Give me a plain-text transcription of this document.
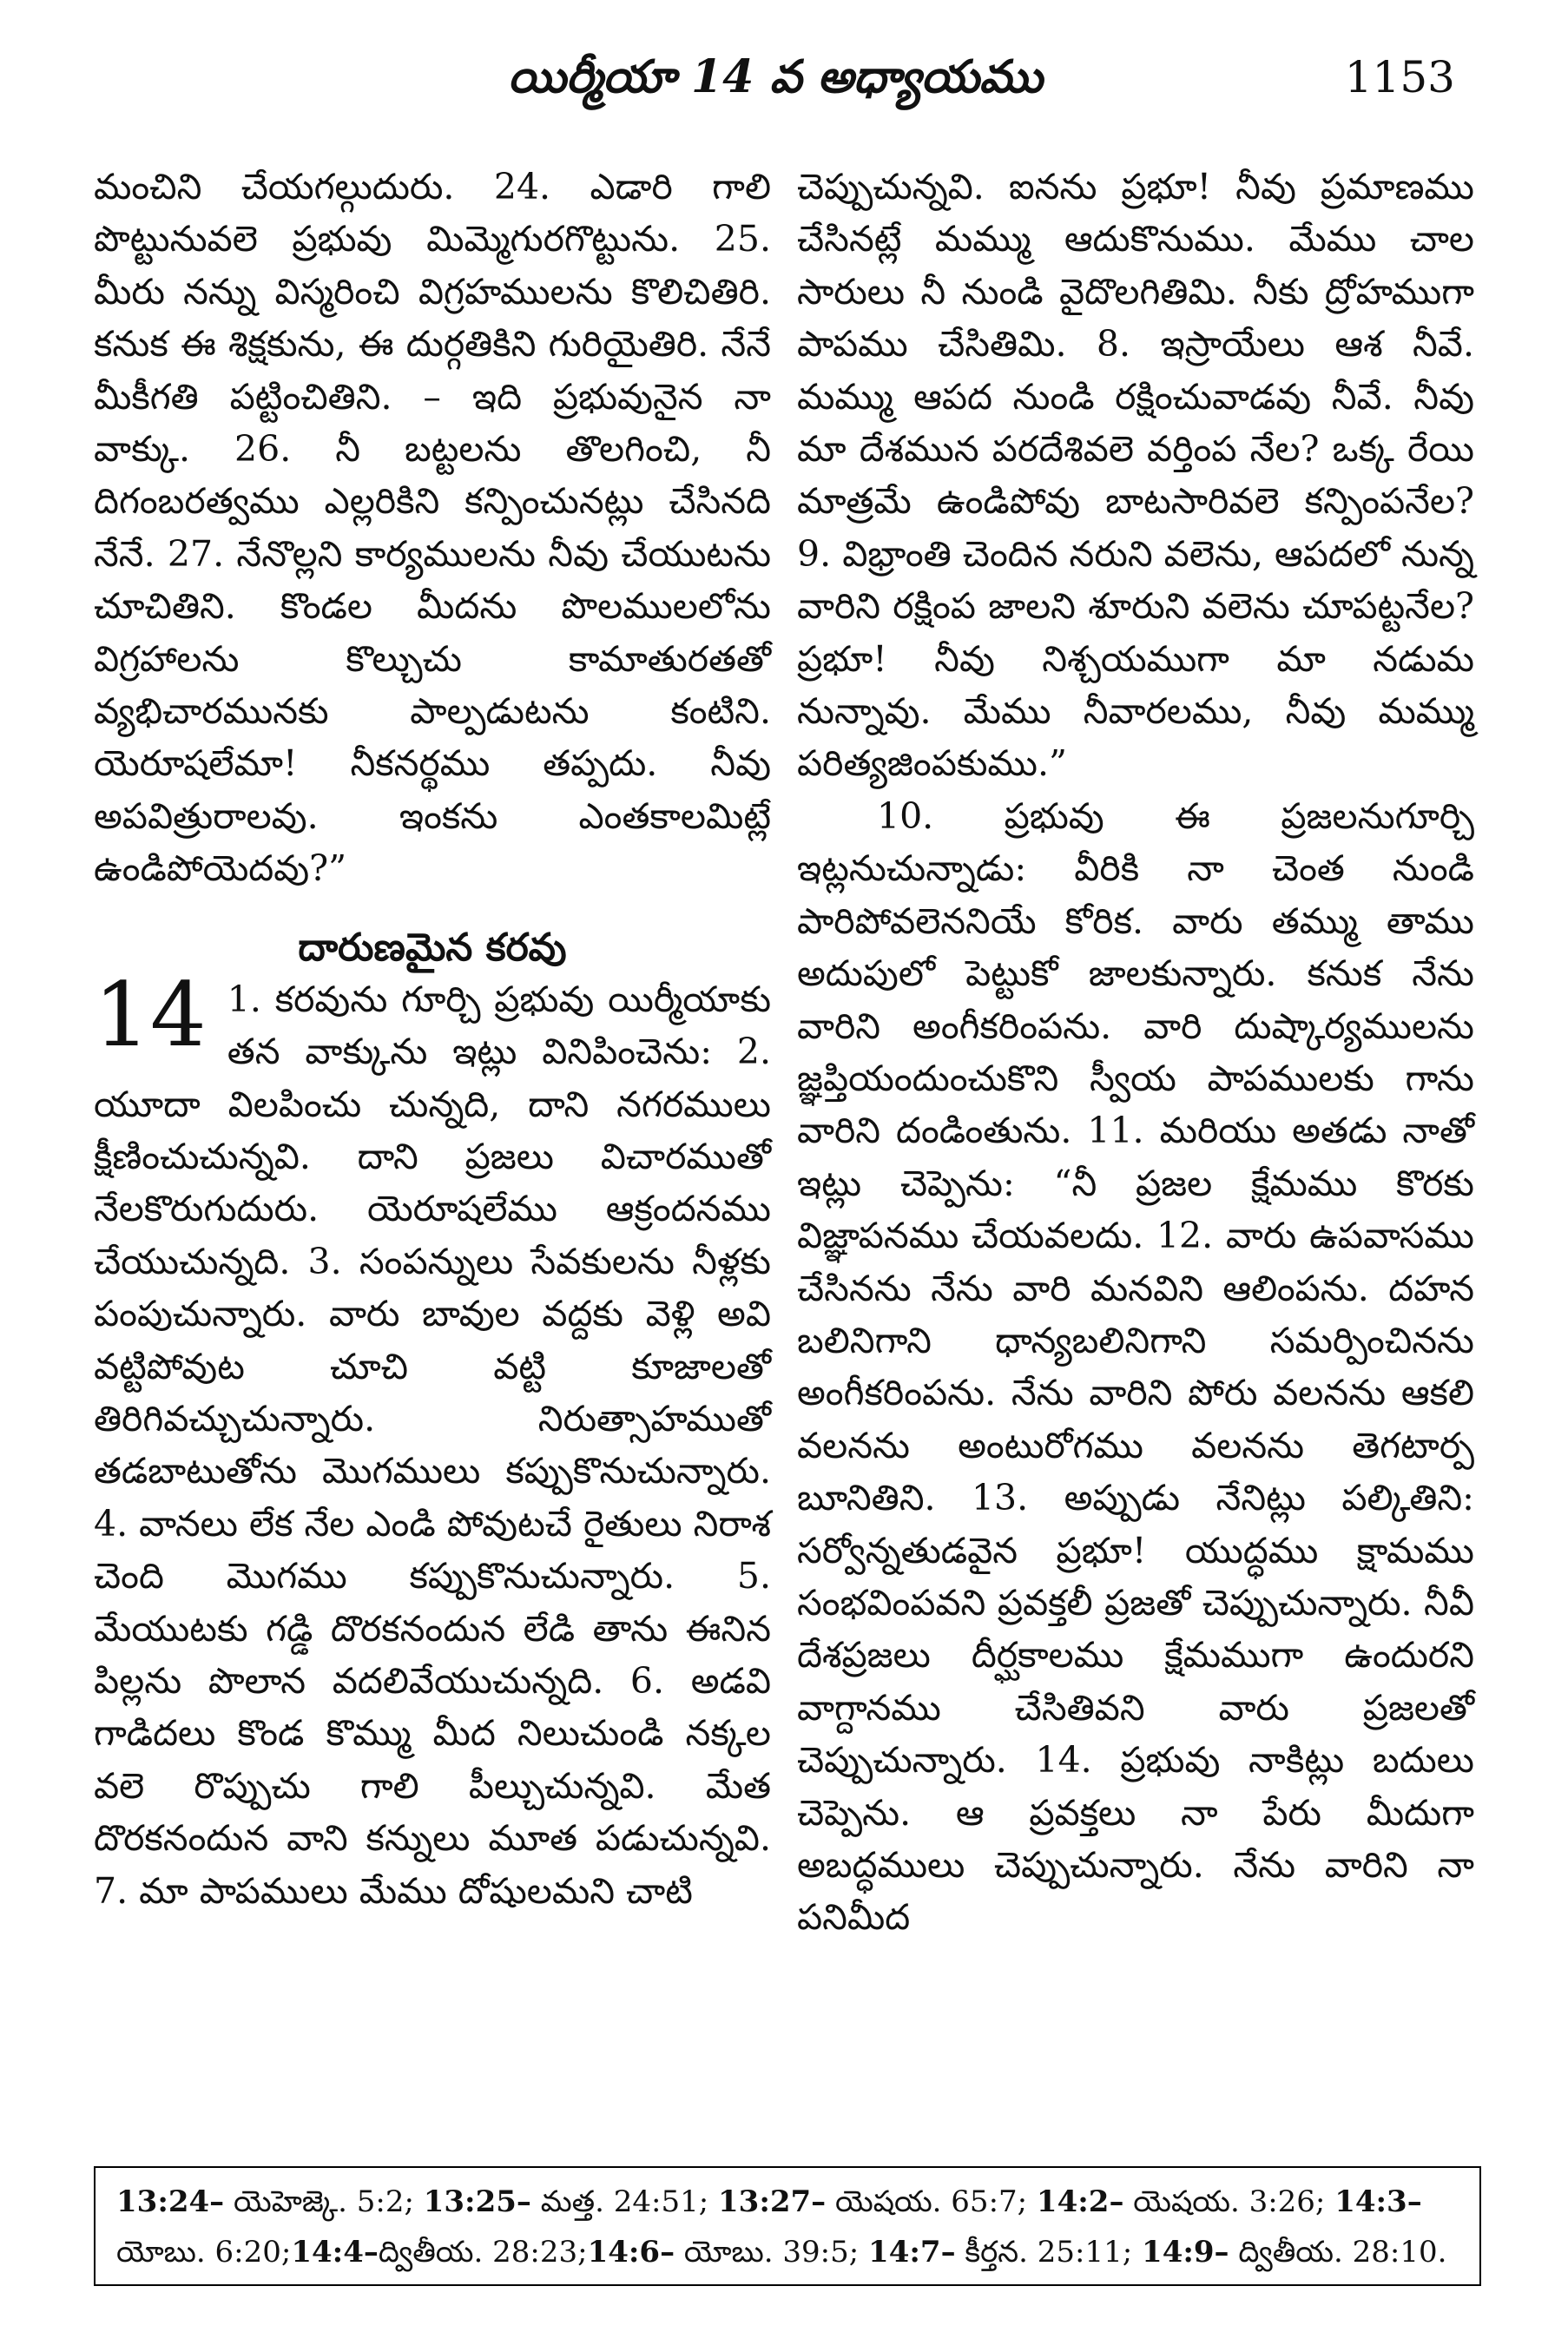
యిర్మీయా 14 వ అధ్యాయము	1153

మంచిని చేయగల్గుదురు. 24. ఎడారి గాలి పొట్టునువలె ప్రభువు మిమ్మెగురగొట్టును. 25. మీరు నన్ను విస్మరించి విగ్రహములను కొలిచితిరి. కనుక ఈ శిక్షకును, ఈ దుర్గతికిని గురియైతిరి. నేనే మీకీగతి పట్టించితిని. – ఇది ప్రభువునైన నా వాక్కు. 26. నీ బట్టలను తొలగించి, నీ దిగంబరత్వము ఎల్లరికిని కన్పించునట్లు చేసినది నేనే. 27. నేనొల్లని కార్యములను నీవు చేయుటను చూచితిని. కొండల మీదను పొలములలోను విగ్రహాలను కొల్చుచు కామాతురతతో వ్యభిచారమునకు పాల్పడుటను కంటిని. యెరూషలేమా! నీకనర్థము తప్పదు. నీవు అపవిత్రురాలవు. ఇంకను ఎంతకాలమిట్లే ఉండిపోయెదవు?”

దారుణమైన కరవు

14 1. కరవును గూర్చి ప్రభువు యిర్మీయాకు తన వాక్కును ఇట్లు వినిపించెను: 2. యూదా విలపించు చున్నది, దాని నగరములు క్షీణించుచున్నవి. దాని ప్రజలు విచారముతో నేలకొరుగుదురు. యెరూషలేము ఆక్రందనము చేయుచున్నది. 3. సంపన్నులు సేవకులను నీళ్లకు పంపుచున్నారు. వారు బావుల వద్దకు వెళ్లి అవి వట్టిపోవుట చూచి వట్టి కూజాలతో తిరిగివచ్చుచున్నారు. నిరుత్సాహముతో తడబాటుతోను మొగములు కప్పుకొనుచున్నారు. 4. వానలు లేక నేల ఎండి పోవుటచే రైతులు నిరాశ చెంది మొగము కప్పుకొనుచున్నారు. 5. మేయుటకు గడ్డి దొరకనందున లేడి తాను ఈనిన పిల్లను పొలాన వదలివేయుచున్నది. 6. అడవి గాడిదలు కొండ కొమ్ము మీద నిలుచుండి నక్కల వలె రొప్పుచు గాలి పీల్చుచున్నవి. మేత దొరకనందున వాని కన్నులు మూత పడుచున్నవి. 7. మా పాపములు మేము దోషులమని చాటి

చెప్పుచున్నవి. ఐనను ప్రభూ! నీవు ప్రమాణము చేసినట్లే మమ్ము ఆదుకొనుము. మేము చాల సారులు నీ నుండి వైదొలగితిమి. నీకు ద్రోహముగా పాపము చేసితిమి. 8. ఇస్రాయేలు ఆశ నీవే. మమ్ము ఆపద నుండి రక్షించువాడవు నీవే. నీవు మా దేశమున పరదేశివలె వర్తింప నేల? ఒక్క రేయి మాత్రమే ఉండిపోవు బాటసారివలె కన్పింపనేల? 9. విభ్రాంతి చెందిన నరుని వలెను, ఆపదలో నున్న వారిని రక్షింప జాలని శూరుని వలెను చూపట్టనేల? ప్రభూ! నీవు నిశ్చయముగా మా నడుమ నున్నావు. మేము నీవారలము, నీవు మమ్ము పరిత్యజింపకుము.”

10. ప్రభువు ఈ ప్రజలనుగూర్చి ఇట్లనుచున్నాడు: వీరికి నా చెంత నుండి పారిపోవలెననియే కోరిక. వారు తమ్ము తాము అదుపులో పెట్టుకో జాలకున్నారు. కనుక నేను వారిని అంగీకరింపను. వారి దుష్కార్యములను జ్ఞప్తియందుంచుకొని స్వీయ పాపములకు గాను వారిని దండింతును. 11. మరియు అతడు నాతో ఇట్లు చెప్పెను: “నీ ప్రజల క్షేమము కొరకు విజ్ఞాపనము చేయవలదు. 12. వారు ఉపవాసము చేసినను నేను వారి మనవిని ఆలింపను. దహన బలినిగాని ధాన్యబలినిగాని సమర్పించినను అంగీకరింపను. నేను వారిని పోరు వలనను ఆకలి వలనను అంటురోగము వలనను తెగటార్ప బూనితిని. 13. అప్పుడు నేనిట్లు పల్కితిని: సర్వోన్నతుడవైన ప్రభూ! యుద్ధము క్షామము సంభవింపవని ప్రవక్తలీ ప్రజతో చెప్పుచున్నారు. నీవీ దేశప్రజలు దీర్ఘకాలము క్షేమముగా ఉందురని వాగ్దానము చేసితివని వారు ప్రజలతో చెప్పుచున్నారు. 14. ప్రభువు నాకిట్లు బదులు చెప్పెను. ఆ ప్రవక్తలు నా పేరు మీదుగా అబద్ధములు చెప్పుచున్నారు. నేను వారిని నా పనిమీద

13:24– యెహెజ్కె. 5:2; 13:25– మత్త. 24:51; 13:27– యెషయ. 65:7; 14:2– యెషయ. 3:26; 14:3– యోబు. 6:20;14:4–ద్వితీయ. 28:23;14:6– యోబు. 39:5; 14:7– కీర్తన. 25:11; 14:9– ద్వితీయ. 28:10.
